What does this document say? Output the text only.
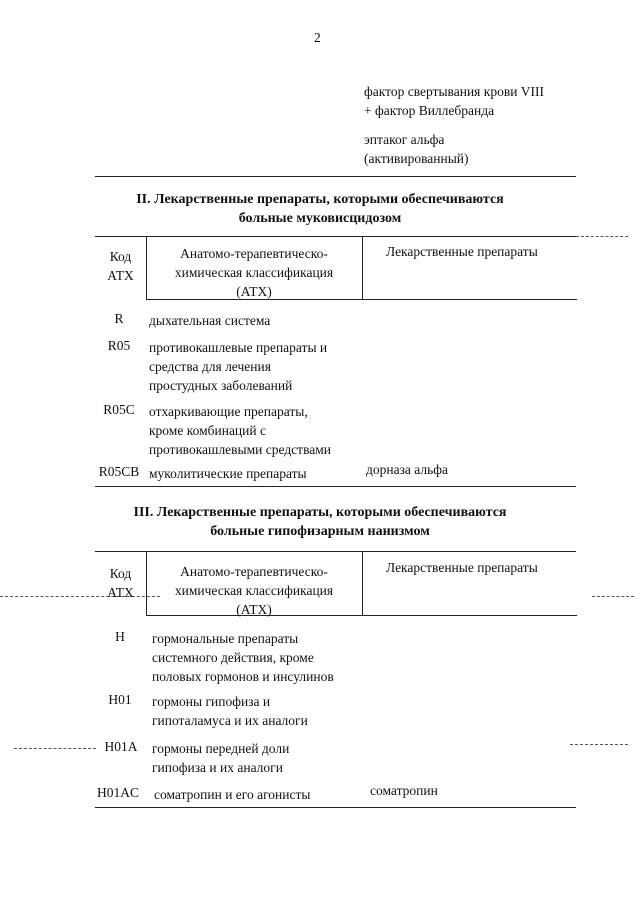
2
фактор свертывания крови VIII
+ фактор Виллебранда
эптаког альфа
(активированный)
II. Лекарственные препараты, которыми обеспечиваются
больные муковисцидозом
Код
АТХ
Анатомо-терапевтическо-
химическая классификация
(АТХ)
Лекарственные препараты
R	дыхательная система
R05	противокашлевые препараты и
средства для лечения
простудных заболеваний
R05C	отхаркивающие препараты,
кроме комбинаций с
противокашлевыми средствами
R05CB муколитические препараты	дорназа альфа
III. Лекарственные препараты, которыми обеспечиваются
больные гипофизарным нанизмом
Код
АТХ
Анатомо-терапевтическо-
химическая классификация
(АТХ)
Лекарственные препараты
H	гормональные препараты
системного действия, кроме
половых гормонов и инсулинов
H01	гормоны гипофиза и
гипоталамуса и их аналоги
H01A	гормоны передней доли
гипофиза и их аналоги
H01AC соматропин и его агонисты	соматропин
